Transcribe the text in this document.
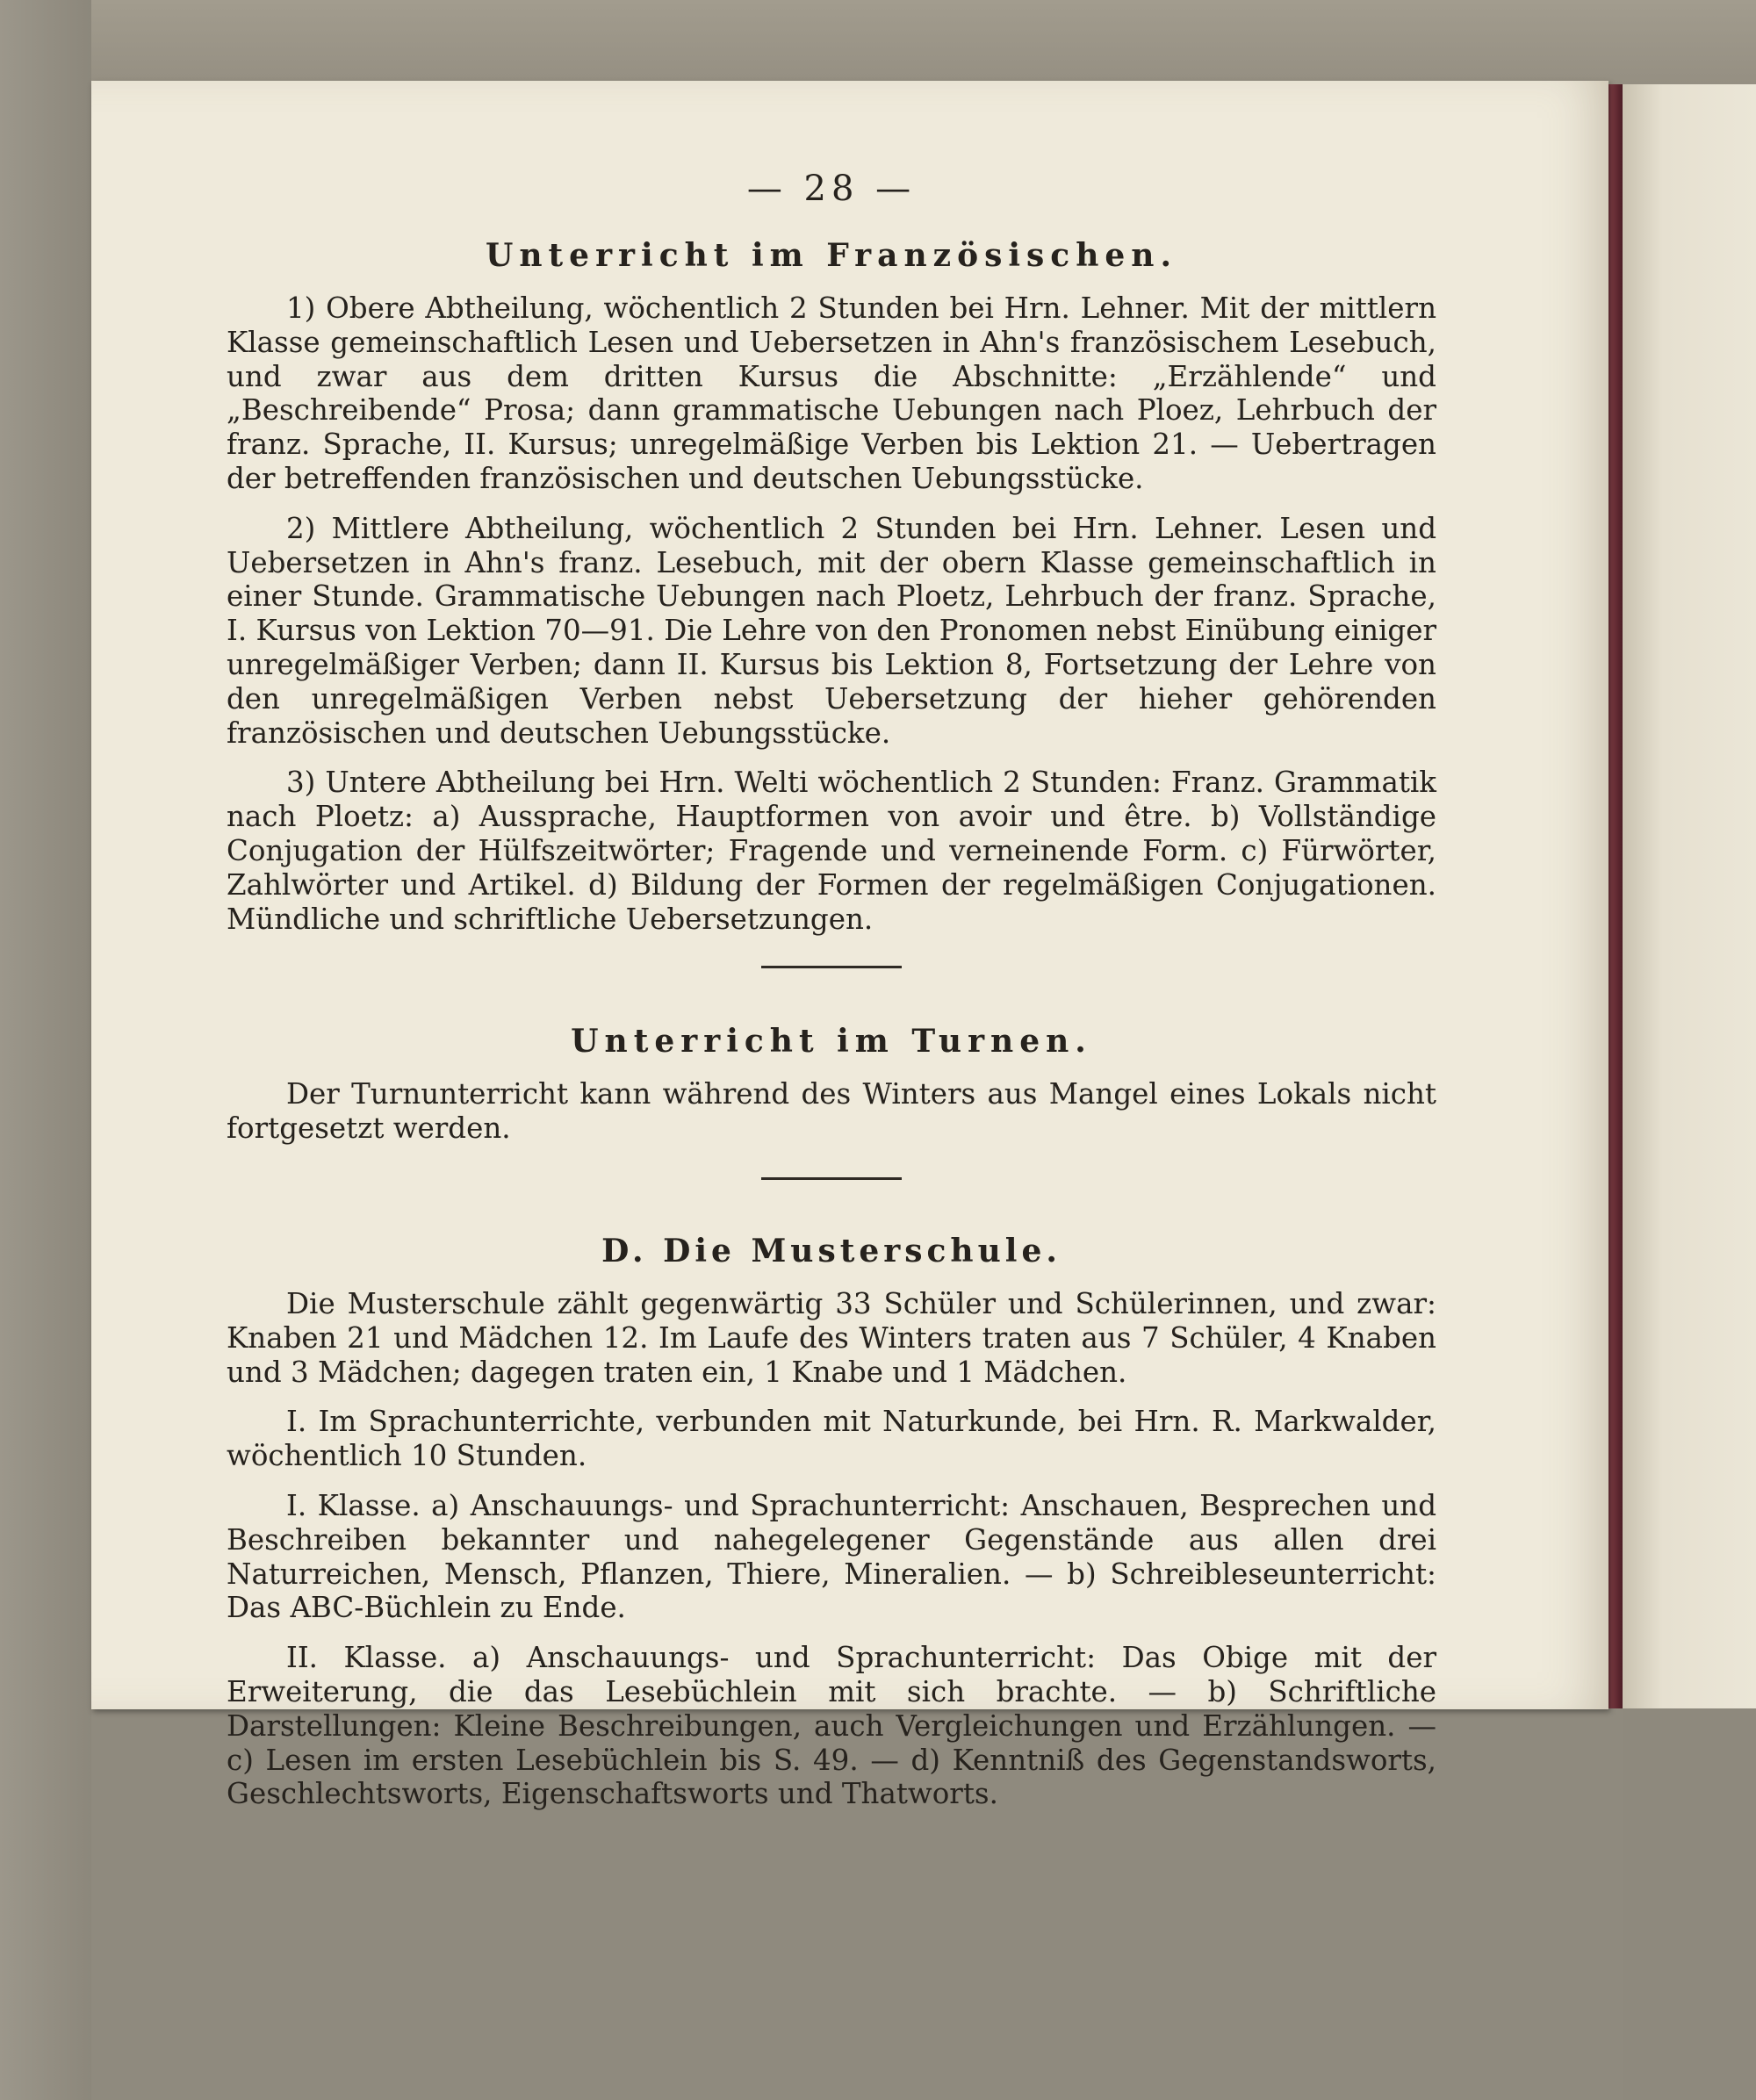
— 28 —
Unterricht im Französischen.

1) Obere Abtheilung, wöchentlich 2 Stunden bei Hrn. Lehner. Mit der mittlern Klasse gemeinschaftlich Lesen und Uebersetzen in Ahn's französischem Lesebuch, und zwar aus dem dritten Kursus die Abschnitte: „Erzählende“ und „Beschreibende“ Prosa; dann grammatische Uebungen nach Ploez, Lehrbuch der franz. Sprache, II. Kursus; unregelmäßige Verben bis Lektion 21. — Uebertragen der betreffenden französischen und deutschen Uebungsstücke.

2) Mittlere Abtheilung, wöchentlich 2 Stunden bei Hrn. Lehner. Lesen und Uebersetzen in Ahn's franz. Lesebuch, mit der obern Klasse gemeinschaftlich in einer Stunde. Grammatische Uebungen nach Ploetz, Lehrbuch der franz. Sprache, I. Kursus von Lektion 70—91. Die Lehre von den Pronomen nebst Einübung einiger unregelmäßiger Verben; dann II. Kursus bis Lektion 8, Fortsetzung der Lehre von den unregelmäßigen Verben nebst Uebersetzung der hieher gehörenden französischen und deutschen Uebungsstücke.

3) Untere Abtheilung bei Hrn. Welti wöchentlich 2 Stunden: Franz. Grammatik nach Ploetz: a) Aussprache, Hauptformen von avoir und être. b) Vollständige Conjugation der Hülfszeitwörter; Fragende und verneinende Form. c) Fürwörter, Zahlwörter und Artikel. d) Bildung der Formen der regelmäßigen Conjugationen. Mündliche und schriftliche Uebersetzungen.

Unterricht im Turnen.

Der Turnunterricht kann während des Winters aus Mangel eines Lokals nicht fortgesetzt werden.

D. Die Musterschule.

Die Musterschule zählt gegenwärtig 33 Schüler und Schülerinnen, und zwar: Knaben 21 und Mädchen 12. Im Laufe des Winters traten aus 7 Schüler, 4 Knaben und 3 Mädchen; dagegen traten ein, 1 Knabe und 1 Mädchen.

I. Im Sprachunterrichte, verbunden mit Naturkunde, bei Hrn. R. Markwalder, wöchentlich 10 Stunden.

I. Klasse. a) Anschauungs- und Sprachunterricht: Anschauen, Besprechen und Beschreiben bekannter und nahegelegener Gegenstände aus allen drei Naturreichen, Mensch, Pflanzen, Thiere, Mineralien. — b) Schreibleseunterricht: Das ABC-Büchlein zu Ende.

II. Klasse. a) Anschauungs- und Sprachunterricht: Das Obige mit der Erweiterung, die das Lesebüchlein mit sich brachte. — b) Schriftliche Darstellungen: Kleine Beschreibungen, auch Vergleichungen und Erzählungen. — c) Lesen im ersten Lesebüchlein bis S. 49. — d) Kenntniß des Gegenstandsworts, Geschlechtsworts, Eigenschaftsworts und Thatworts.
